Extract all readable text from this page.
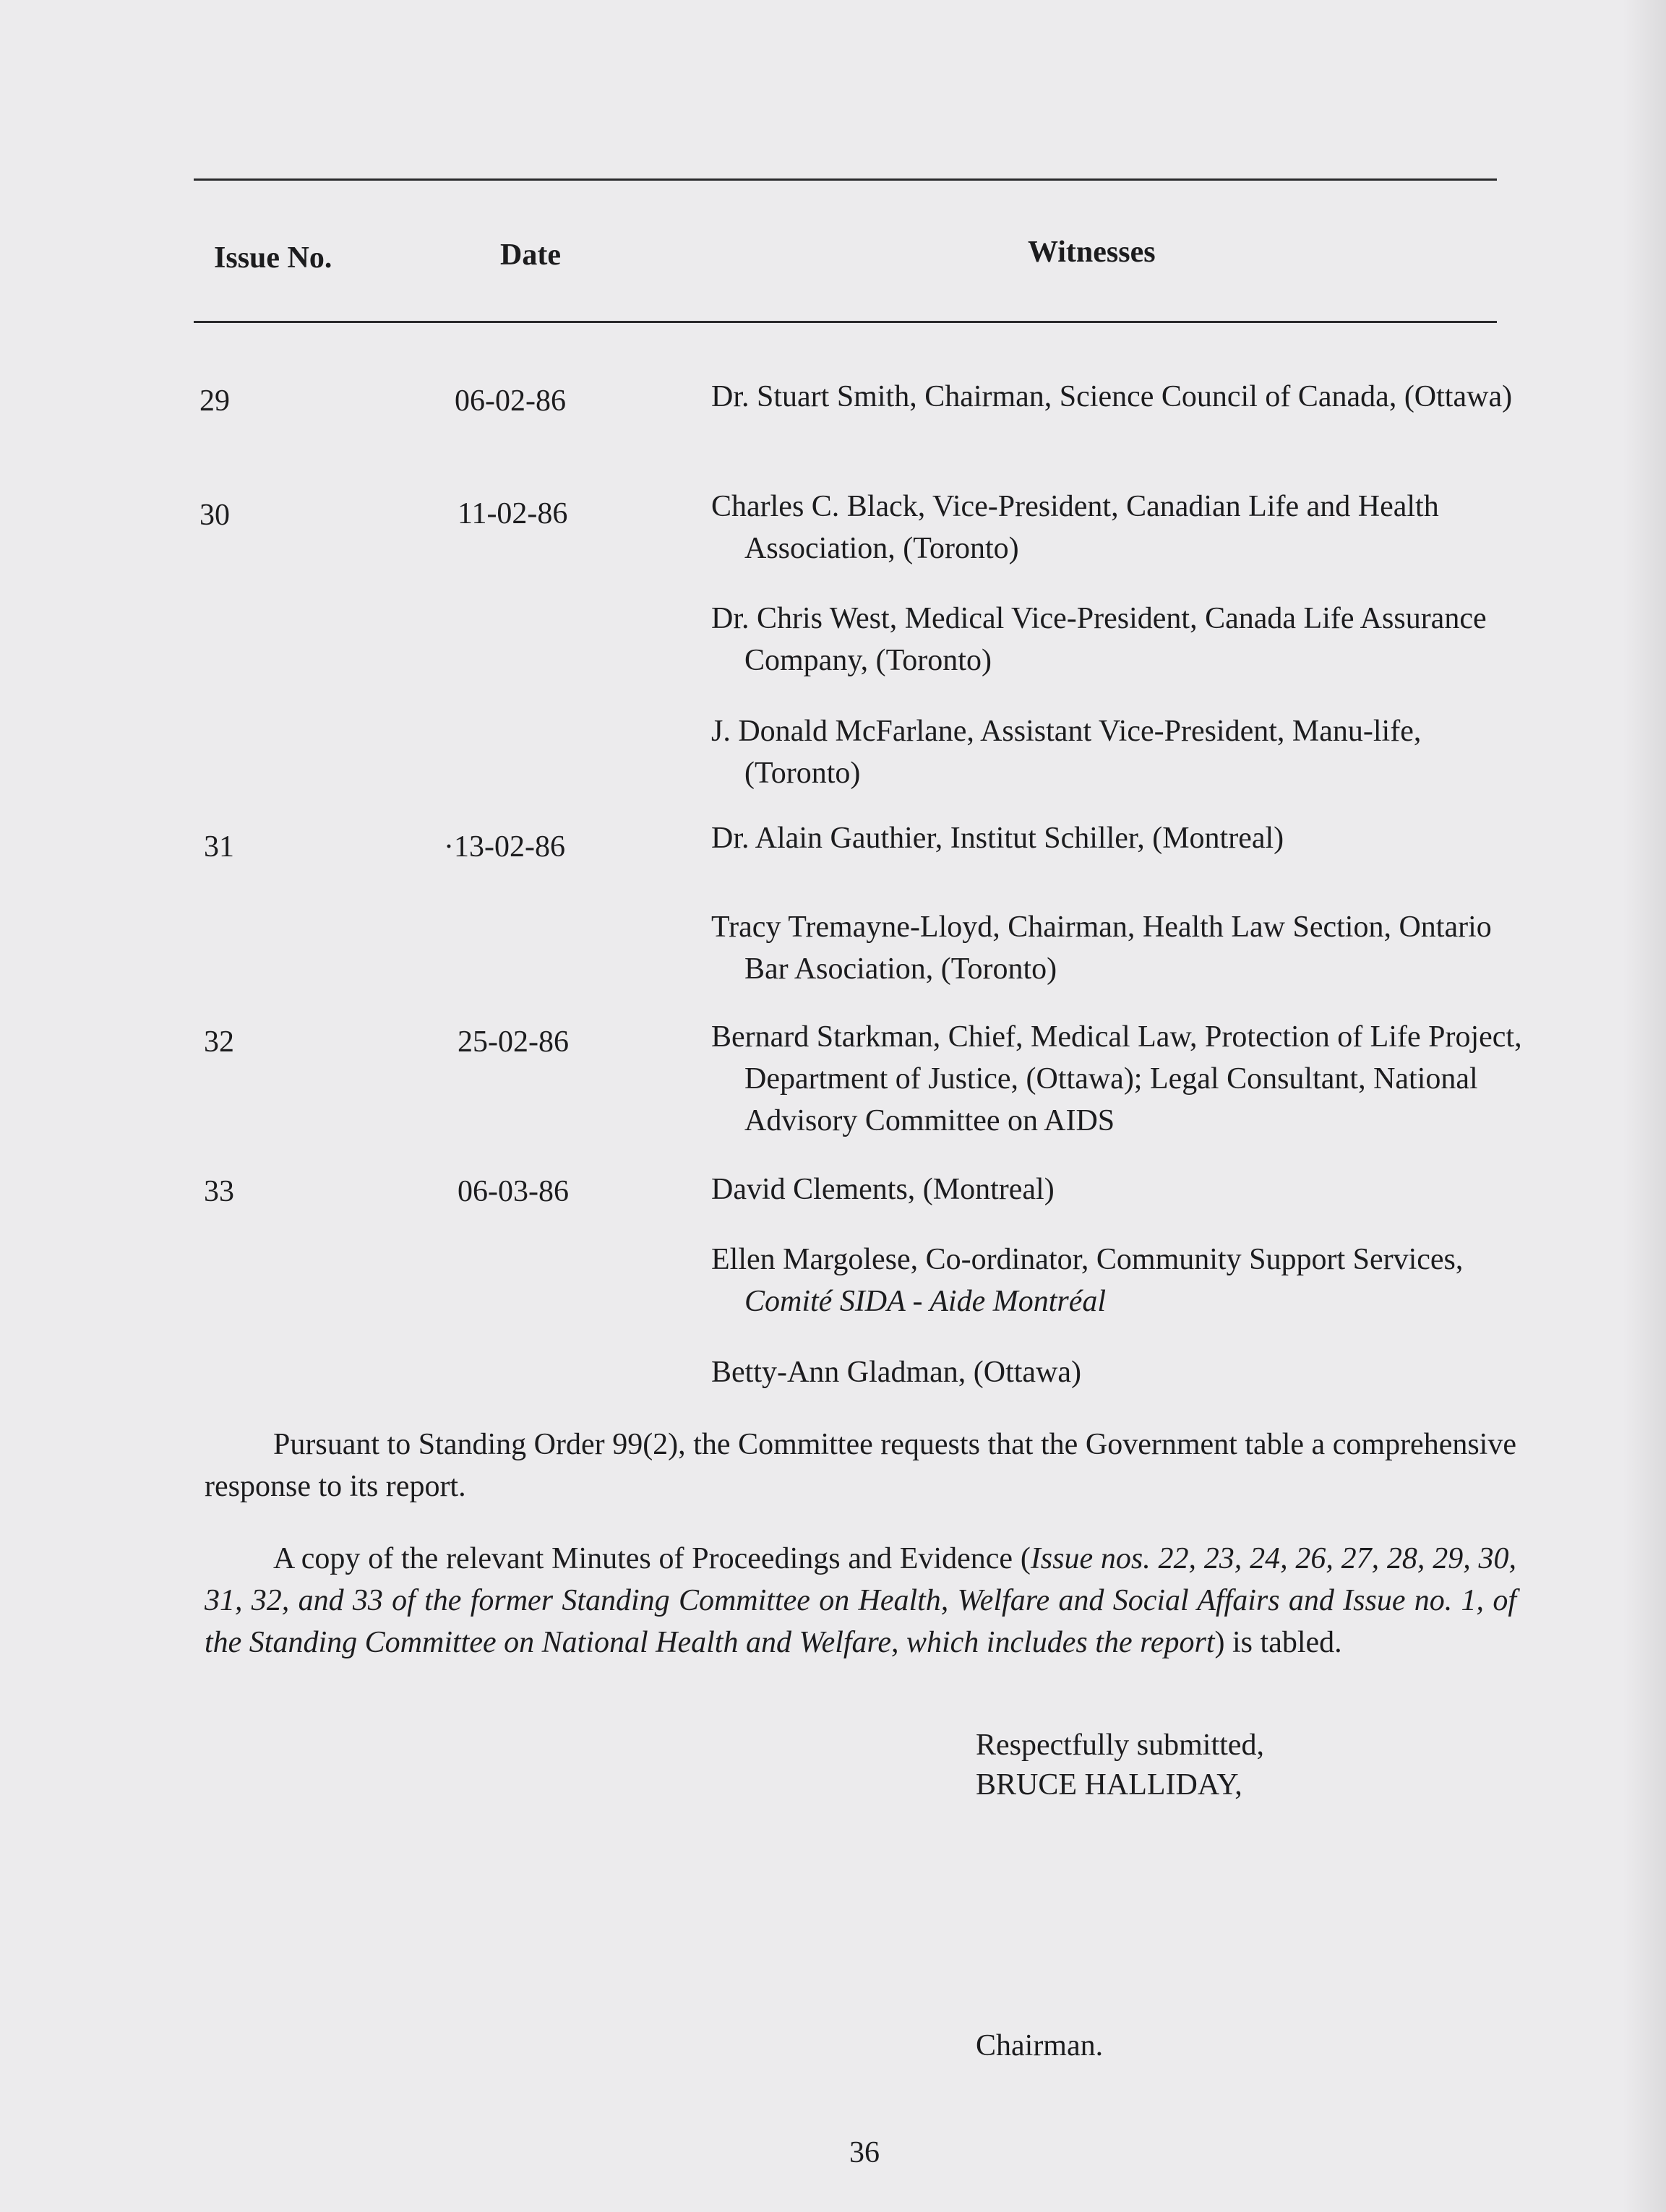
Issue No.	Date	Witnesses
29	06-02-86	Dr. Stuart Smith, Chairman, Science Council of Canada, (Ottawa)
30	11-02-86	Charles C. Black, Vice-President, Canadian Life and Health Association, (Toronto)
Dr. Chris West, Medical Vice-President, Canada Life Assurance Company, (Toronto)
J. Donald McFarlane, Assistant Vice-President, Manu-life, (Toronto)
31	·13-02-86	Dr. Alain Gauthier, Institut Schiller, (Montreal)
Tracy Tremayne-Lloyd, Chairman, Health Law Section, Ontario Bar Asociation, (Toronto)
32	25-02-86	Bernard Starkman, Chief, Medical Law, Protection of Life Project, Department of Justice, (Ottawa); Legal Consultant, National Advisory Committee on AIDS
33	06-03-86	David Clements, (Montreal)
Ellen Margolese, Co-ordinator, Community Support Services, Comité SIDA - Aide Montréal
Betty-Ann Gladman, (Ottawa)
Pursuant to Standing Order 99(2), the Committee requests that the Government table a comprehensive response to its report.
A copy of the relevant Minutes of Proceedings and Evidence (Issue nos. 22, 23, 24, 26, 27, 28, 29, 30, 31, 32, and 33 of the former Standing Committee on Health, Welfare and Social Affairs and Issue no. 1, of the Standing Committee on National Health and Welfare, which includes the report) is tabled.
Respectfully submitted,
BRUCE HALLIDAY,
Chairman.
36
